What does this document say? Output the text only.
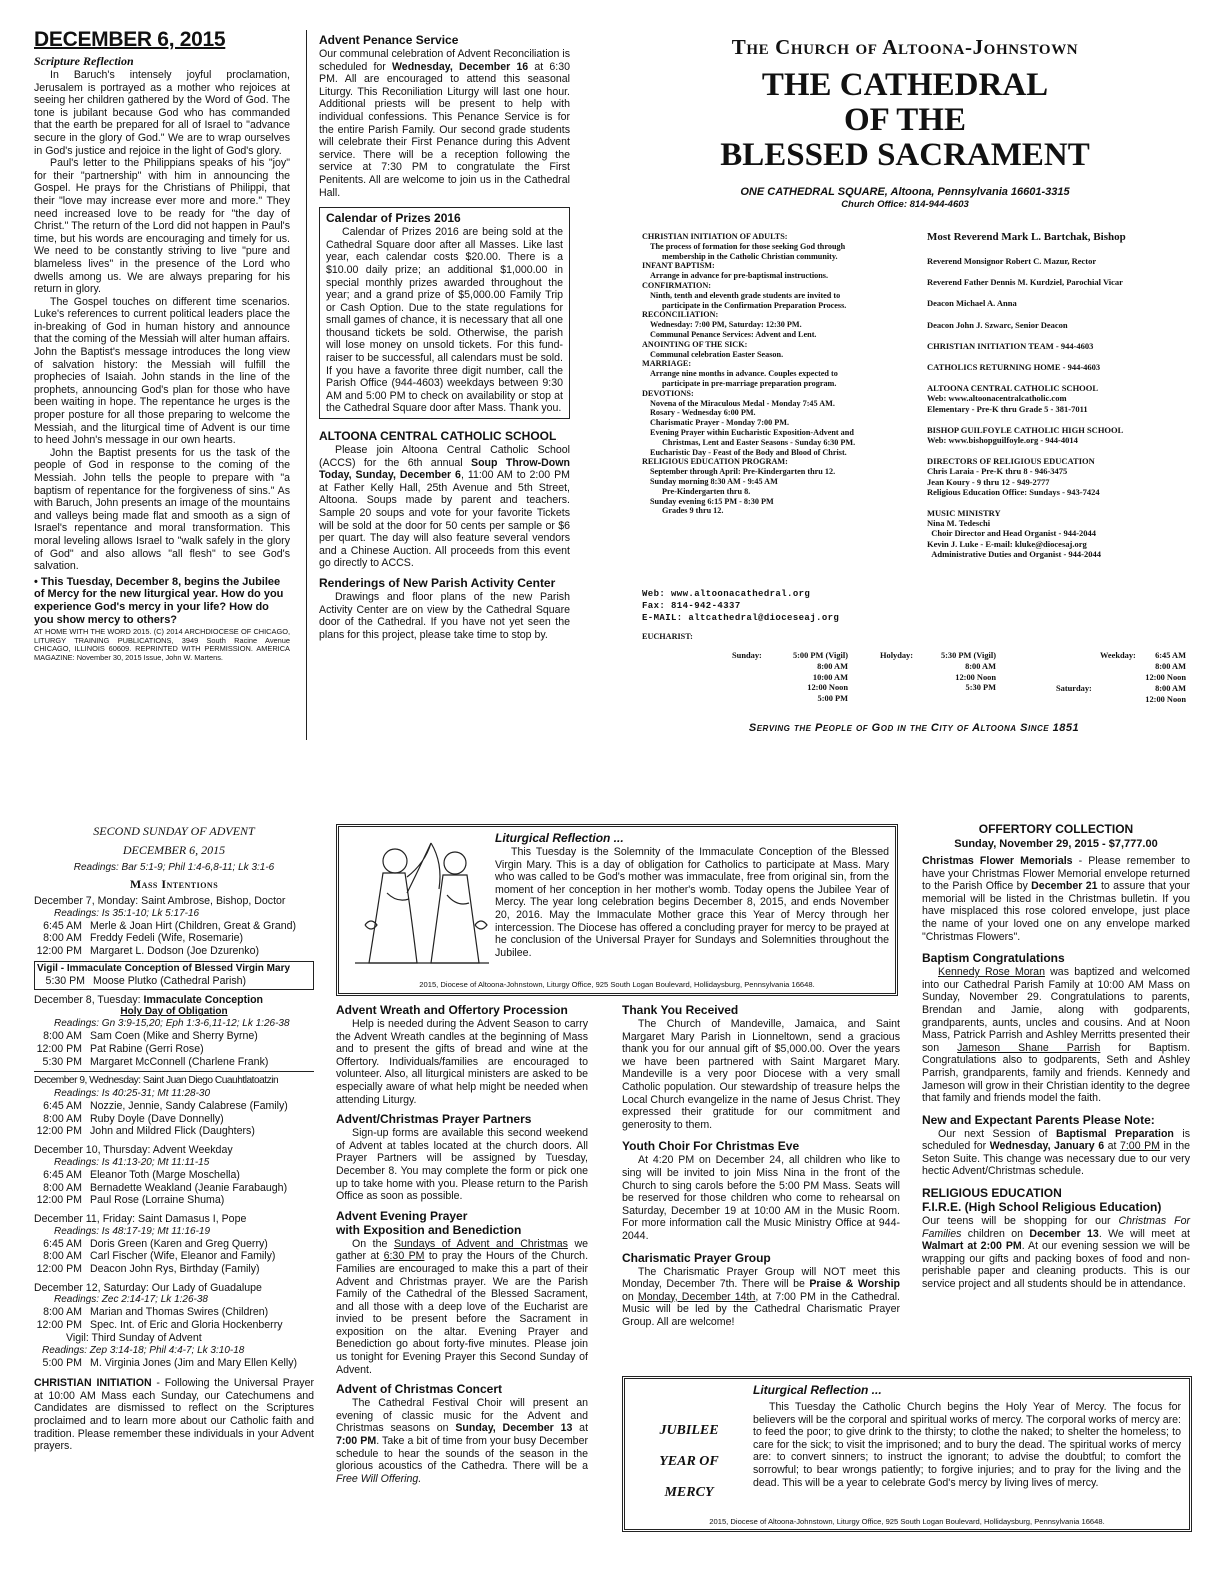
DECEMBER 6, 2015
Scripture Reflection

In Baruch's intensely joyful proclamation, Jerusalem is portrayed as a mother who rejoices at seeing her children gathered by the Word of God. The tone is jubilant because God who has commanded that the earth be prepared for all of Israel to "advance secure in the glory of God." We are to wrap ourselves in God's justice and rejoice in the light of God's glory.

Paul's letter to the Philippians speaks of his "joy" for their "partnership" with him in announcing the Gospel. He prays for the Christians of Philippi, that their "love may increase ever more and more." They need increased love to be ready for "the day of Christ." The return of the Lord did not happen in Paul's time, but his words are encouraging and timely for us. We need to be constantly striving to live "pure and blameless lives" in the presence of the Lord who dwells among us. We are always preparing for his return in glory.

The Gospel touches on different time scenarios. Luke's references to current political leaders place the in-breaking of God in human history and announce that the coming of the Messiah will alter human affairs. John the Baptist's message introduces the long view of salvation history: the Messiah will fulfill the prophecies of Isaiah. John stands in the line of the prophets, announcing God's plan for those who have been waiting in hope. The repentance he urges is the proper posture for all those preparing to welcome the Messiah, and the liturgical time of Advent is our time to heed John's message in our own hearts.

John the Baptist presents for us the task of the people of God in response to the coming of the Messiah. John tells the people to prepare with "a baptism of repentance for the forgiveness of sins." As with Baruch, John presents an image of the mountains and valleys being made flat and smooth as a sign of Israel's repentance and moral transformation. This moral leveling allows Israel to "walk safely in the glory of God" and also allows "all flesh" to see God's salvation.

• This Tuesday, December 8, begins the Jubilee of Mercy for the new liturgical year. How do you experience God's mercy in your life? How do you show mercy to others?

AT HOME WITH THE WORD 2015. (C) 2014 ARCHDIOCESE OF CHICAGO, LITURGY TRAINING PUBLICATIONS, 3949 South Racine Avenue CHICAGO, ILLINOIS 60609. REPRINTED WITH PERMISSION. AMERICA MAGAZINE: November 30, 2015 Issue, John W. Martens.

Advent Penance Service

Our communal celebration of Advent Reconciliation is scheduled for Wednesday, December 16 at 6:30 PM. All are encouraged to attend this seasonal Liturgy. This Reconiliation Liturgy will last one hour. Additional priests will be present to help with individual confessions. This Penance Service is for the entire Parish Family. Our second grade students will celebrate their First Penance during this Advent service. There will be a reception following the service at 7:30 PM to congratulate the First Penitents. All are welcome to join us in the Cathedral Hall.

Calendar of Prizes 2016

Calendar of Prizes 2016 are being sold at the Cathedral Square door after all Masses. Like last year, each calendar costs $20.00. There is a $10.00 daily prize; an additional $1,000.00 in special monthly prizes awarded throughout the year; and a grand prize of $5,000.00 Family Trip or Cash Option. Due to the state regulations for small games of chance, it is necessary that all one thousand tickets be sold. Otherwise, the parish will lose money on unsold tickets. For this fund-raiser to be successful, all calendars must be sold. If you have a favorite three digit number, call the Parish Office (944-4603) weekdays between 9:30 AM and 5:00 PM to check on availability or stop at the Cathedral Square door after Mass. Thank you.

ALTOONA CENTRAL CATHOLIC SCHOOL

Please join Altoona Central Catholic School (ACCS) for the 6th annual Soup Throw-Down Today, Sunday, December 6, 11:00 AM to 2:00 PM at Father Kelly Hall, 25th Avenue and 5th Street, Altoona. Soups made by parent and teachers. Sample 20 soups and vote for your favorite Tickets will be sold at the door for 50 cents per sample or $6 per quart. The day will also feature several vendors and a Chinese Auction. All proceeds from this event go directly to ACCS.

Renderings of New Parish Activity Center

Drawings and floor plans of the new Parish Activity Center are on view by the Cathedral Square door of the Cathedral. If you have not yet seen the plans for this project, please take time to stop by.

The Church of Altoona-Johnstown
THE CATHEDRAL
OF THE
BLESSED SACRAMENT
ONE CATHEDRAL SQUARE, Altoona, Pennsylvania 16601-3315
Church Office: 814-944-4603
CHRISTIAN INITIATION OF ADULTS:
The process of formation for those seeking God through
membership in the Catholic Christian community.
INFANT BAPTISM:
Arrange in advance for pre-baptismal instructions.
CONFIRMATION:
Ninth, tenth and eleventh grade students are invited to
participate in the Confirmation Preparation Process.
RECONCILIATION:
Wednesday: 7:00 PM, Saturday: 12:30 PM.
Communal Penance Services: Advent and Lent.
ANOINTING OF THE SICK:
Communal celebration Easter Season.
MARRIAGE:
Arrange nine months in advance. Couples expected to
participate in pre-marriage preparation program.
DEVOTIONS:
Novena of the Miraculous Medal - Monday 7:45 AM.
Rosary - Wednesday 6:00 PM.
Charismatic Prayer - Monday 7:00 PM.
Evening Prayer within Eucharistic Exposition-Advent and
Christmas, Lent and Easter Seasons - Sunday 6:30 PM.
Eucharistic Day - Feast of the Body and Blood of Christ.
RELIGIOUS EDUCATION PROGRAM:
September through April: Pre-Kindergarten thru 12.
Sunday morning 8:30 AM - 9:45 AM
Pre-Kindergarten thru 8.
Sunday evening 6:15 PM - 8:30 PM
Grades 9 thru 12.
Web: www.altoonacathedral.org
Fax: 814-942-4337
E-MAIL: altcathedral@dioceseaj.org
Most Reverend Mark L. Bartchak, Bishop
Reverend Monsignor Robert C. Mazur, Rector
Reverend Father Dennis M. Kurdziel, Parochial Vicar
Deacon Michael A. Anna
Deacon John J. Szwarc, Senior Deacon
CHRISTIAN INITIATION TEAM - 944-4603
CATHOLICS RETURNING HOME - 944-4603
ALTOONA CENTRAL CATHOLIC SCHOOL
Web: www.altoonacentralcatholic.com
Elementary - Pre-K thru Grade 5 - 381-7011
BISHOP GUILFOYLE CATHOLIC HIGH SCHOOL
Web: www.bishopguilfoyle.org - 944-4014
DIRECTORS OF RELIGIOUS EDUCATION
Chris Laraia - Pre-K thru 8 - 946-3475
Jean Koury - 9 thru 12 - 949-2777
Religious Education Office: Sundays - 943-7424
MUSIC MINISTRY
Nina M. Tedeschi
Choir Director and Head Organist - 944-2044
Kevin J. Luke - E-mail: kluke@diocesaj.org
Administrative Duties and Organist - 944-2044
EUCHARIST:
Sunday:	5:00 PM (Vigil)
8:00 AM
10:00 AM
12:00 Noon
5:00 PM
Holyday:	5:30 PM (Vigil)
8:00 AM
12:00 Noon
5:30 PM
Weekday:	6:45 AM
8:00 AM
12:00 Noon
Saturday:	8:00 AM
12:00 Noon
Serving the People of God in the City of Altoona Since 1851
SECOND SUNDAY OF ADVENT
DECEMBER 6, 2015
Readings: Bar 5:1-9; Phil 1:4-6,8-11; Lk 3:1-6
Mass Intentions
December 7, Monday: Saint Ambrose, Bishop, Doctor
Readings: Is 35:1-10; Lk 5:17-16
6:45 AM Merle & Joan Hirt (Children, Great & Grand)
8:00 AM Freddy Fedeli (Wife, Rosemarie)
12:00 PM Margaret L. Dodson (Joe Dzurenko)
Vigil - Immaculate Conception of Blessed Virgin Mary
5:30 PM Moose Plutko (Cathedral Parish)
December 8, Tuesday: Immaculate Conception
Holy Day of Obligation
Readings: Gn 3:9-15,20; Eph 1:3-6,11-12; Lk 1:26-38
8:00 AM Sam Coen (Mike and Sherry Byrne)
12:00 PM Pat Rabine (Gerri Rose)
5:30 PM Margaret McConnell (Charlene Frank)
December 9, Wednesday: Saint Juan Diego Cuauhtlatoatzin
Readings: Is 40:25-31; Mt 11:28-30
6:45 AM Nozzie, Jennie, Sandy Calabrese (Family)
8:00 AM Ruby Doyle (Dave Donnelly)
12:00 PM John and Mildred Flick (Daughters)
December 10, Thursday: Advent Weekday
Readings: Is 41:13-20; Mt 11:11-15
6:45 AM Eleanor Toth (Marge Moschella)
8:00 AM Bernadette Weakland (Jeanie Farabaugh)
12:00 PM Paul Rose (Lorraine Shuma)
December 11, Friday: Saint Damasus I, Pope
Readings: Is 48:17-19; Mt 11:16-19
6:45 AM Doris Green (Karen and Greg Querry)
8:00 AM Carl Fischer (Wife, Eleanor and Family)
12:00 PM Deacon John Rys, Birthday (Family)
December 12, Saturday: Our Lady of Guadalupe
Readings: Zec 2:14-17; Lk 1:26-38
8:00 AM Marian and Thomas Swires (Children)
12:00 PM Spec. Int. of Eric and Gloria Hockenberry
Vigil: Third Sunday of Advent
Readings: Zep 3:14-18; Phil 4:4-7; Lk 3:10-18
5:00 PM M. Virginia Jones (Jim and Mary Ellen Kelly)

CHRISTIAN INITIATION - Following the Universal Prayer at 10:00 AM Mass each Sunday, our Catechumens and Candidates are dismissed to reflect on the Scriptures proclaimed and to learn more about our Catholic faith and tradition. Please remember these individuals in your Advent prayers.

Liturgical Reflection ...

This Tuesday is the Solemnity of the Immaculate Conception of the Blessed Virgin Mary. This is a day of obligation for Catholics to participate at Mass. Mary who was called to be God's mother was immaculate, free from original sin, from the moment of her conception in her mother's womb. Today opens the Jubilee Year of Mercy. The year long celebration begins December 8, 2015, and ends November 20, 2016. May the Immaculate Mother grace this Year of Mercy through her intercession. The Diocese has offered a concluding prayer for mercy to be prayed at he conclusion of the Universal Prayer for Sundays and Solemnities throughout the Jubilee.

2015, Diocese of Altoona-Johnstown, Liturgy Office, 925 South Logan Boulevard, Hollidaysburg, Pennsylvania 16648.
Advent Wreath and Offertory Procession

Help is needed during the Advent Season to carry the Advent Wreath candles at the beginning of Mass and to present the gifts of bread and wine at the Offertory. Individuals/families are encouraged to volunteer. Also, all liturgical ministers are asked to be especially aware of what help might be needed when attending Liturgy.

Advent/Christmas Prayer Partners

Sign-up forms are available this second weekend of Advent at tables located at the church doors. All Prayer Partners will be assigned by Tuesday, December 8. You may complete the form or pick one up to take home with you. Please return to the Parish Office as soon as possible.

Advent Evening Prayer
with Exposition and Benediction

On the Sundays of Advent and Christmas we gather at 6:30 PM to pray the Hours of the Church. Families are encouraged to make this a part of their Advent and Christmas prayer. We are the Parish Family of the Cathedral of the Blessed Sacrament, and all those with a deep love of the Eucharist are invied to be present before the Sacrament in exposition on the altar. Evening Prayer and Benediction go about forty-five minutes. Please join us tonight for Evening Prayer this Second Sunday of Advent.

Advent of Christmas Concert

The Cathedral Festival Choir will present an evening of classic music for the Advent and Christmas seasons on Sunday, December 13 at 7:00 PM. Take a bit of time from your busy December schedule to hear the sounds of the season in the glorious acoustics of the Cathedra. There will be a Free Will Offering.

Thank You Received

The Church of Mandeville, Jamaica, and Saint Margaret Mary Parish in Lionneltown, send a gracious thank you for our annual gift of $5,000.00. Over the years we have been partnered with Saint Margaret Mary. Mandeville is a very poor Diocese with a very small Catholic population. Our stewardship of treasure helps the Local Church evangelize in the name of Jesus Christ. They expressed their gratitude for our commitment and generosity to them.

Youth Choir For Christmas Eve

At 4:20 PM on December 24, all children who like to sing will be invited to join Miss Nina in the front of the Church to sing carols before the 5:00 PM Mass. Seats will be reserved for those children who come to rehearsal on Saturday, December 19 at 10:00 AM in the Music Room. For more information call the Music Ministry Office at 944-2044.

Charismatic Prayer Group

The Charismatic Prayer Group will NOT meet this Monday, December 7th. There will be Praise & Worship on Monday, December 14th, at 7:00 PM in the Cathedral. Music will be led by the Cathedral Charismatic Prayer Group. All are welcome!

OFFERTORY COLLECTION
Sunday, November 29, 2015 - $7,777.00

Christmas Flower Memorials - Please remember to have your Christmas Flower Memorial envelope returned to the Parish Office by December 21 to assure that your memorial will be listed in the Christmas bulletin. If you have misplaced this rose colored envelope, just place the name of your loved one on any envelope marked "Christmas Flowers".

Baptism Congratulations

Kennedy Rose Moran was baptized and welcomed into our Cathedral Parish Family at 10:00 AM Mass on Sunday, November 29. Congratulations to parents, Brendan and Jamie, along with godparents, grandparents, aunts, uncles and cousins. And at Noon Mass, Patrick Parrish and Ashley Merritts presented their son Jameson Shane Parrish for Baptism. Congratulations also to godparents, Seth and Ashley Parrish, grandparents, family and friends. Kennedy and Jameson will grow in their Christian identity to the degree that family and friends model the faith.

New and Expectant Parents Please Note:

Our next Session of Baptismal Preparation is scheduled for Wednesday, January 6 at 7:00 PM in the Seton Suite. This change was necessary due to our very hectic Advent/Christmas schedule.

RELIGIOUS EDUCATION
F.I.R.E. (High School Religious Education)

Our teens will be shopping for our Christmas For Families children on December 13. We will meet at Walmart at 2:00 PM. At our evening session we will be wrapping our gifts and packing boxes of food and non-perishable paper and cleaning products. This is our service project and all students should be in attendance.

Liturgical Reflection ...
JUBILEE
YEAR OF
MERCY

This Tuesday the Catholic Church begins the Holy Year of Mercy. The focus for believers will be the corporal and spiritual works of mercy. The corporal works of mercy are: to feed the poor; to give drink to the thirsty; to clothe the naked; to shelter the homeless; to care for the sick; to visit the imprisoned; and to bury the dead. The spiritual works of mercy are: to convert sinners; to instruct the ignorant; to advise the doubtful; to comfort the sorrowful; to bear wrongs patiently; to forgive injuries; and to pray for the living and the dead. This will be a year to celebrate God's mercy by living lives of mercy.

2015, Diocese of Altoona-Johnstown, Liturgy Office, 925 South Logan Boulevard, Hollidaysburg, Pennsylvania 16648.
